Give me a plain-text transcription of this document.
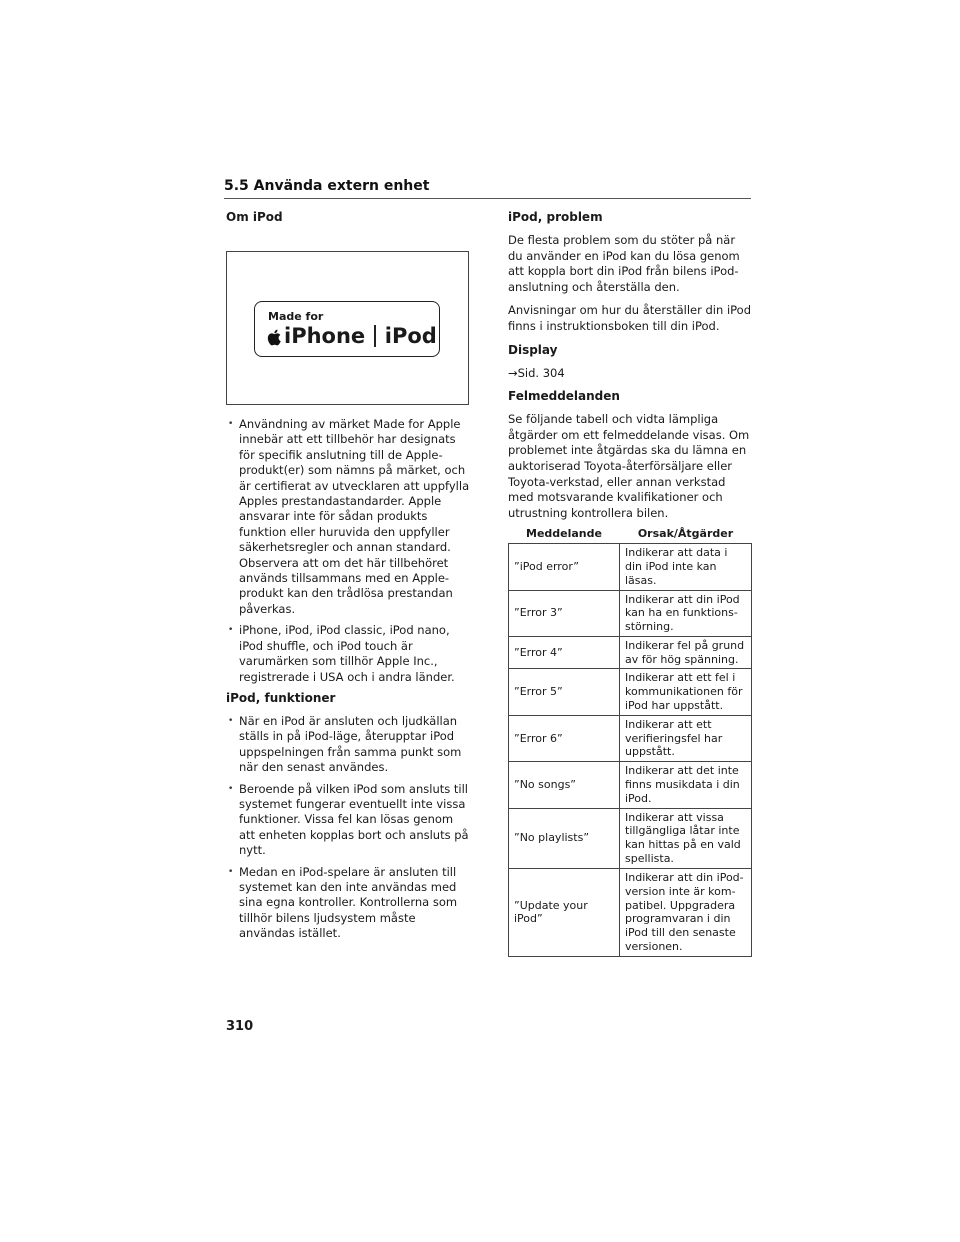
5.5 Använda extern enhet
Om iPod
Made for
iPhone iPod
• Användning av märket Made for Apple innebär att ett tillbehör har designats för specifik anslutning till de Apple-produkt(er) som nämns på märket, och är certifierat av utvecklaren att uppfylla Apples prestandastandarder. Apple ansvarar inte för sådan produkts funktion eller huruvida den uppfyller säkerhetsregler och annan standard. Observera att om det här tillbehöret används tillsammans med en Apple-produkt kan den trådlösa prestandan påverkas.
• iPhone, iPod, iPod classic, iPod nano, iPod shuffle, och iPod touch är varumärken som tillhör Apple Inc., registrerade i USA och i andra länder.
iPod, funktioner
• När en iPod är ansluten och ljudkällan ställs in på iPod-läge, återupptar iPod uppspelningen från samma punkt som när den senast användes.
• Beroende på vilken iPod som ansluts till systemet fungerar eventuellt inte vissa funktioner. Vissa fel kan lösas genom att enheten kopplas bort och ansluts på nytt.
• Medan en iPod-spelare är ansluten till systemet kan den inte användas med sina egna kontroller. Kontrollerna som tillhör bilens ljudsystem måste användas istället.
iPod, problem

De flesta problem som du stöter på när du använder en iPod kan du lösa genom att koppla bort din iPod från bilens iPod-anslutning och återställa den.

Anvisningar om hur du återställer din iPod finns i instruktionsboken till din iPod.

Display

→Sid. 304

Felmeddelanden

Se följande tabell och vidta lämpliga åtgärder om ett felmeddelande visas. Om problemet inte åtgärdas ska du lämna en auktoriserad Toyota-återförsäljare eller Toyota-verkstad, eller annan verkstad med motsvarande kvalifikationer och utrustning kontrollera bilen.

Meddelande	Orsak/Åtgärder
”iPod error”	Indikerar att data i din iPod inte kan läsas.
”Error 3”	Indikerar att din iPod kan ha en funktions-störning.
”Error 4”	Indikerar fel på grund av för hög spänning.
”Error 5”	Indikerar att ett fel i kommunikationen för iPod har uppstått.
”Error 6”	Indikerar att ett verifieringsfel har uppstått.
”No songs”	Indikerar att det inte finns musikdata i din iPod.
”No playlists”	Indikerar att vissa tillgängliga låtar inte kan hittas på en vald spellista.
”Update your iPod”	Indikerar att din iPod-version inte är kom-patibel. Uppgradera programvaran i din iPod till den senaste versionen.
310
